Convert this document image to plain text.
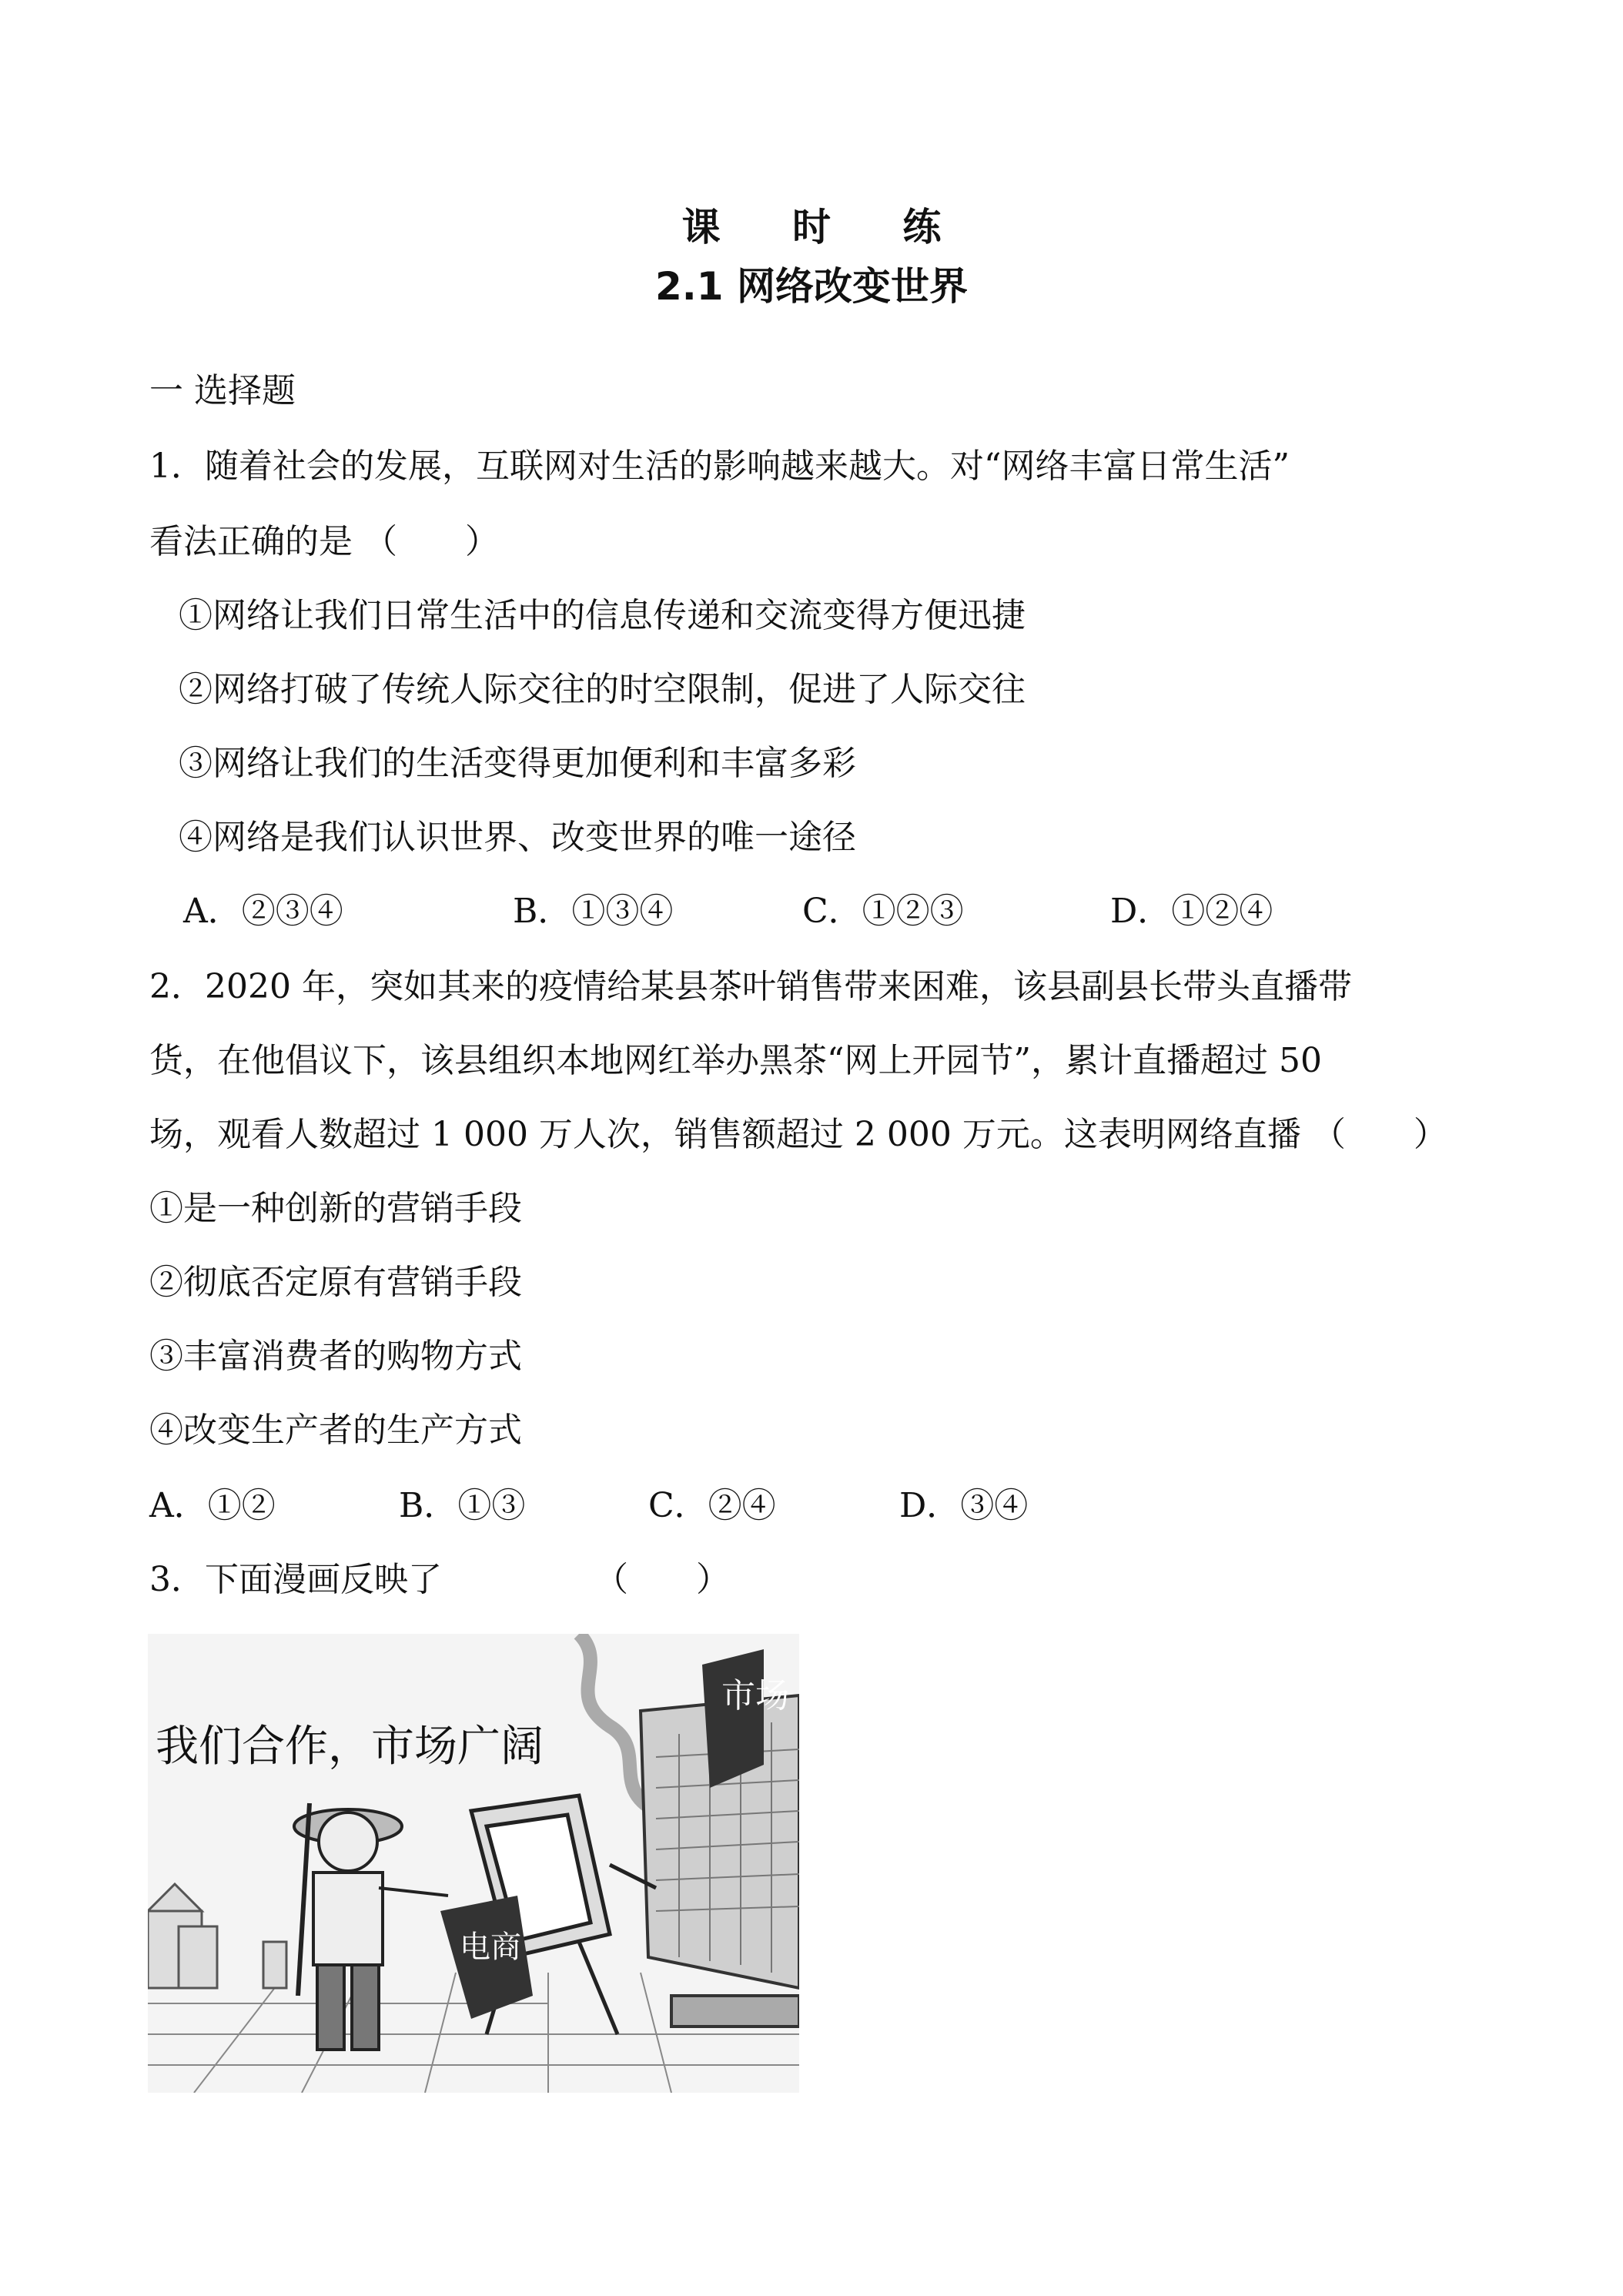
课 时 练
2.1 网络改变世界
一 选择题
1．随着社会的发展，互联网对生活的影响越来越大。对“网络丰富日常生活”
看法正确的是 （　　）
①网络让我们日常生活中的信息传递和交流变得方便迅捷
②网络打破了传统人际交往的时空限制，促进了人际交往
③网络让我们的生活变得更加便利和丰富多彩
④网络是我们认识世界、改变世界的唯一途径
A．②③④	B．①③④	C．①②③	D．①②④
2．2020 年，突如其来的疫情给某县茶叶销售带来困难，该县副县长带头直播带
货，在他倡议下，该县组织本地网红举办黑茶“网上开园节”，累计直播超过 50
场，观看人数超过 1 000 万人次，销售额超过 2 000 万元。这表明网络直播 （　　）
①是一种创新的营销手段
②彻底否定原有营销手段
③丰富消费者的购物方式
④改变生产者的生产方式
A．①②	B．①③	C．②④	D．③④
3．下面漫画反映了　　　　　（　　）
市场
我们合作，市场广阔
电商
